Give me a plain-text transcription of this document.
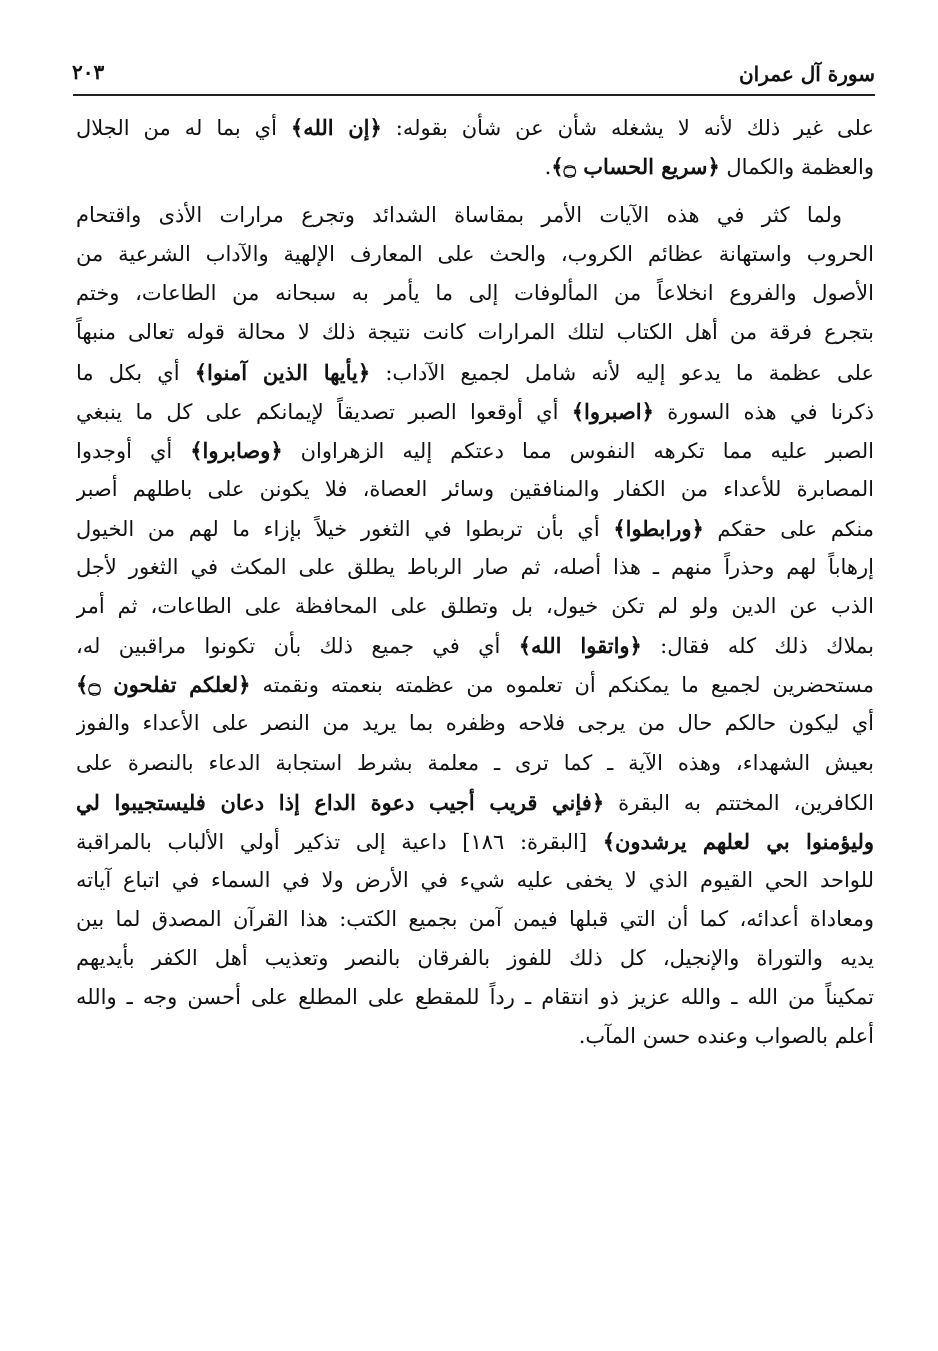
سورة آل عمران
٢٠٣
على غير ذلك لأنه لا يشغله شأن عن شأن بقوله: ﴿إن الله﴾ أي بما له من الجلال
والعظمة والكمال ﴿سريع الحساب ۝﴾.
ولما كثر في هذه الآيات الأمر بمقاساة الشدائد وتجرع مرارات الأذى واقتحام
الحروب واستهانة عظائم الكروب، والحث على المعارف الإلهية والآداب الشرعية من
الأصول والفروع انخلاعاً من المألوفات إلى ما يأمر به سبحانه من الطاعات، وختم
بتجرع فرقة من أهل الكتاب لتلك المرارات كانت نتيجة ذلك لا محالة قوله تعالى منبهاً
على عظمة ما يدعو إليه لأنه شامل لجميع الآداب: ﴿يأيها الذين آمنوا﴾ أي بكل ما
ذكرنا في هذه السورة ﴿اصبروا﴾ أي أوقعوا الصبر تصديقاً لإيمانكم على كل ما ينبغي
الصبر عليه مما تكرهه النفوس مما دعتكم إليه الزهراوان ﴿وصابروا﴾ أي أوجدوا
المصابرة للأعداء من الكفار والمنافقين وسائر العصاة، فلا يكونن على باطلهم أصبر
منكم على حقكم ﴿ورابطوا﴾ أي بأن تربطوا في الثغور خيلاً بإزاء ما لهم من الخيول
إرهاباً لهم وحذراً منهم ـ هذا أصله، ثم صار الرباط يطلق على المكث في الثغور لأجل
الذب عن الدين ولو لم تكن خيول، بل وتطلق على المحافظة على الطاعات، ثم أمر
بملاك ذلك كله فقال: ﴿واتقوا الله﴾ أي في جميع ذلك بأن تكونوا مراقبين له،
مستحضرين لجميع ما يمكنكم أن تعلموه من عظمته بنعمته ونقمته ﴿لعلكم تفلحون ۝﴾
أي ليكون حالكم حال من يرجى فلاحه وظفره بما يريد من النصر على الأعداء والفوز
بعيش الشهداء، وهذه الآية ـ كما ترى ـ معلمة بشرط استجابة الدعاء بالنصرة على
الكافرين، المختتم به البقرة ﴿فإني قريب أجيب دعوة الداع إذا دعان فليستجيبوا لي
وليؤمنوا بي لعلهم يرشدون﴾ [البقرة: ١٨٦] داعية إلى تذكير أولي الألباب بالمراقبة
للواحد الحي القيوم الذي لا يخفى عليه شيء في الأرض ولا في السماء في اتباع آياته
ومعاداة أعدائه، كما أن التي قبلها فيمن آمن بجميع الكتب: هذا القرآن المصدق لما بين
يديه والتوراة والإنجيل، كل ذلك للفوز بالفرقان بالنصر وتعذيب أهل الكفر بأيديهم
تمكيناً من الله ـ والله عزيز ذو انتقام ـ رداً للمقطع على المطلع على أحسن وجه ـ والله
أعلم بالصواب وعنده حسن المآب.
